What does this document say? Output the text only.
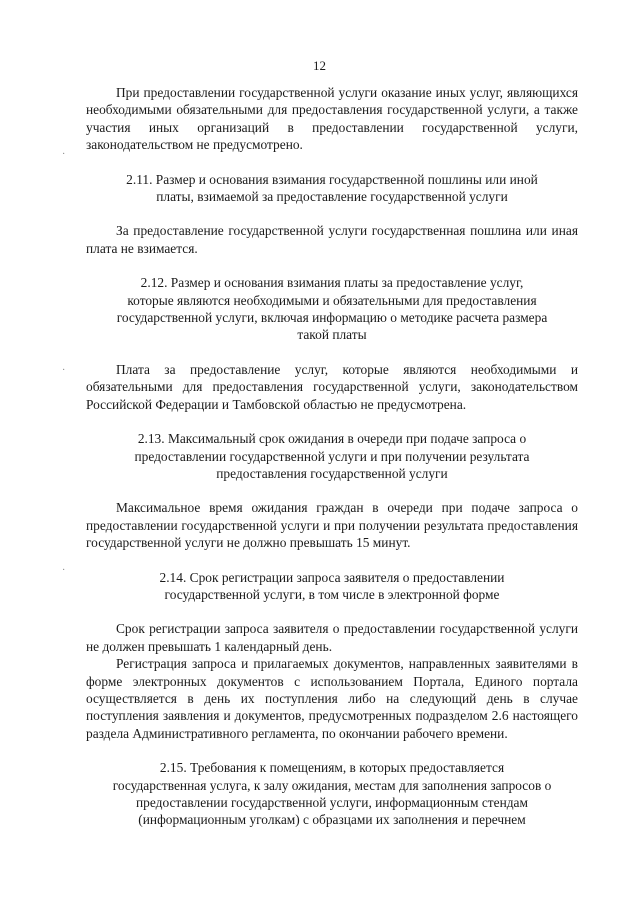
12

При предоставлении государственной услуги оказание иных услуг, являющихся необходимыми обязательными для предоставления государственной услуги, а также участия иных организаций в предоставлении государственной услуги, законодательством не предусмотрено.

2.11. Размер и основания взимания государственной пошлины или иной
платы, взимаемой за предоставление государственной услуги

За предоставление государственной услуги государственная пошлина или иная плата не взимается.

2.12. Размер и основания взимания платы за предоставление услуг,
которые являются необходимыми и обязательными для предоставления
государственной услуги, включая информацию о методике расчета размера
такой платы

Плата за предоставление услуг, которые являются необходимыми и обязательными для предоставления государственной услуги, законодательством Российской Федерации и Тамбовской областью не предусмотрена.

2.13. Максимальный срок ожидания в очереди при подаче запроса о
предоставлении государственной услуги и при получении результата
предоставления государственной услуги

Максимальное время ожидания граждан в очереди при подаче запроса о предоставлении государственной услуги и при получении результата предоставления государственной услуги не должно превышать 15 минут.

2.14. Срок регистрации запроса заявителя о предоставлении
государственной услуги, в том числе в электронной форме

Срок регистрации запроса заявителя о предоставлении государственной услуги не должен превышать 1 календарный день.

Регистрация запроса и прилагаемых документов, направленных заявителями в форме электронных документов с использованием Портала, Единого портала осуществляется в день их поступления либо на следующий день в случае поступления заявления и документов, предусмотренных подразделом 2.6 настоящего раздела Административного регламента, по окончании рабочего времени.

2.15. Требования к помещениям, в которых предоставляется
государственная услуга, к залу ожидания, местам для заполнения запросов о
предоставлении государственной услуги, информационным стендам
(информационным уголкам) с образцами их заполнения и перечнем
·
·
·
